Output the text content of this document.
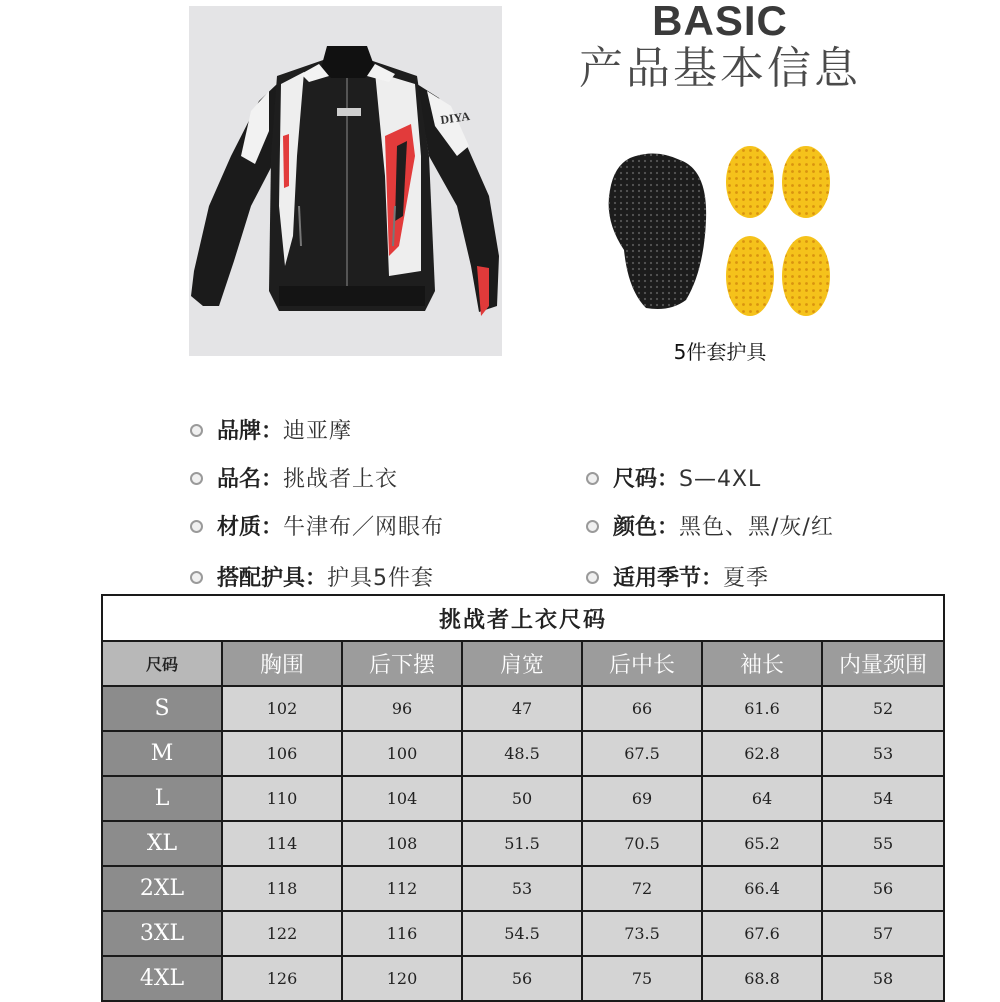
DIYA
BASIC
产品基本信息
5件套护具
品牌：迪亚摩
品名：挑战者上衣	尺码：S—4XL
材质：牛津布／网眼布	颜色：黑色、黑/灰/红
搭配护具：护具5件套	适用季节：夏季
挑战者上衣尺码						
尺码	胸围	后下摆	肩宽	后中长	袖长	内量颈围
S	102	96	47	66	61.6	52
M	106	100	48.5	67.5	62.8	53
L	110	104	50	69	64	54
XL	114	108	51.5	70.5	65.2	55
2XL	118	112	53	72	66.4	56
3XL	122	116	54.5	73.5	67.6	57
4XL	126	120	56	75	68.8	58
